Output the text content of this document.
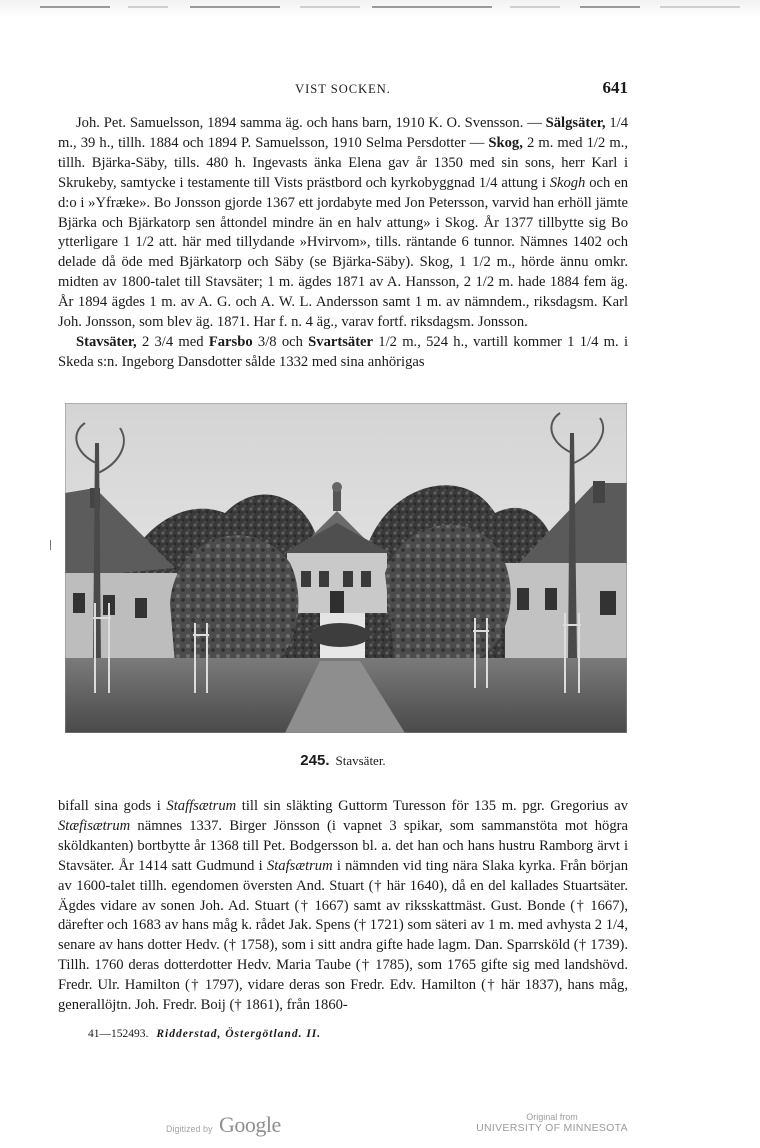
VIST SOCKEN.	641

Joh. Pet. Samuelsson, 1894 samma äg. och hans barn, 1910 K. O. Svensson. — Sälgsäter, 1/4 m., 39 h., tillh. 1884 och 1894 P. Samuelsson, 1910 Selma Persdotter — Skog, 2 m. med 1/2 m., tillh. Bjärka-Säby, tills. 480 h. Ingevasts änka Elena gav år 1350 med sin sons, herr Karl i Skrukeby, samtycke i testamente till Vists prästbord och kyrkobyggnad 1/4 attung i Skogh och en d:o i »Yfræke». Bo Jonsson gjorde 1367 ett jordabyte med Jon Petersson, varvid han erhöll jämte Bjärka och Bjärkatorp sen åttondel mindre än en halv attung» i Skog. År 1377 tillbytte sig Bo ytterligare 1 1/2 att. här med tillydande »Hvirvom», tills. räntande 6 tunnor. Nämnes 1402 och delade då öde med Bjärkatorp och Säby (se Bjärka-Säby). Skog, 1 1/2 m., hörde ännu omkr. midten av 1800-talet till Stavsäter; 1 m. ägdes 1871 av A. Hansson, 2 1/2 m. hade 1884 fem äg. År 1894 ägdes 1 m. av A. G. och A. W. L. Andersson samt 1 m. av nämndem., riksdagsm. Karl Joh. Jonsson, som blev äg. 1871. Har f. n. 4 äg., varav fortf. riksdagsm. Jonsson.

Stavsäter, 2 3/4 med Farsbo 3/8 och Svartsäter 1/2 m., 524 h., vartill kommer 1 1/4 m. i Skeda s:n. Ingeborg Dansdotter sålde 1332 med sina anhörigas

245. Stavsäter.

bifall sina gods i Staffsætrum till sin släkting Guttorm Turesson för 135 m. pgr. Gregorius av Stæfisætrum nämnes 1337. Birger Jönsson (i vapnet 3 spikar, som sammanstöta mot högra sköldkanten) bortbytte år 1368 till Pet. Bodgersson bl. a. det han och hans hustru Ramborg ärvt i Stavsäter. År 1414 satt Gudmund i Stafsætrum i nämnden vid ting nära Slaka kyrka. Från början av 1600-talet tillh. egendomen översten And. Stuart († här 1640), då en del kallades Stuartsäter. Ägdes vidare av sonen Joh. Ad. Stuart († 1667) samt av riksskattmäst. Gust. Bonde († 1667), därefter och 1683 av hans måg k. rådet Jak. Spens († 1721) som säteri av 1 m. med avhysta 2 1/4, senare av hans dotter Hedv. († 1758), som i sitt andra gifte hade lagm. Dan. Sparrsköld († 1739). Tillh. 1760 deras dotterdotter Hedv. Maria Taube († 1785), som 1765 gifte sig med landshövd. Fredr. Ulr. Hamilton († 1797), vidare deras son Fredr. Edv. Hamilton († här 1837), hans måg, generallöjtn. Joh. Fredr. Boij († 1861), från 1860-

41—152493. Ridderstad, Östergötland. II.
Digitized by Google	Original from
UNIVERSITY OF MINNESOTA
